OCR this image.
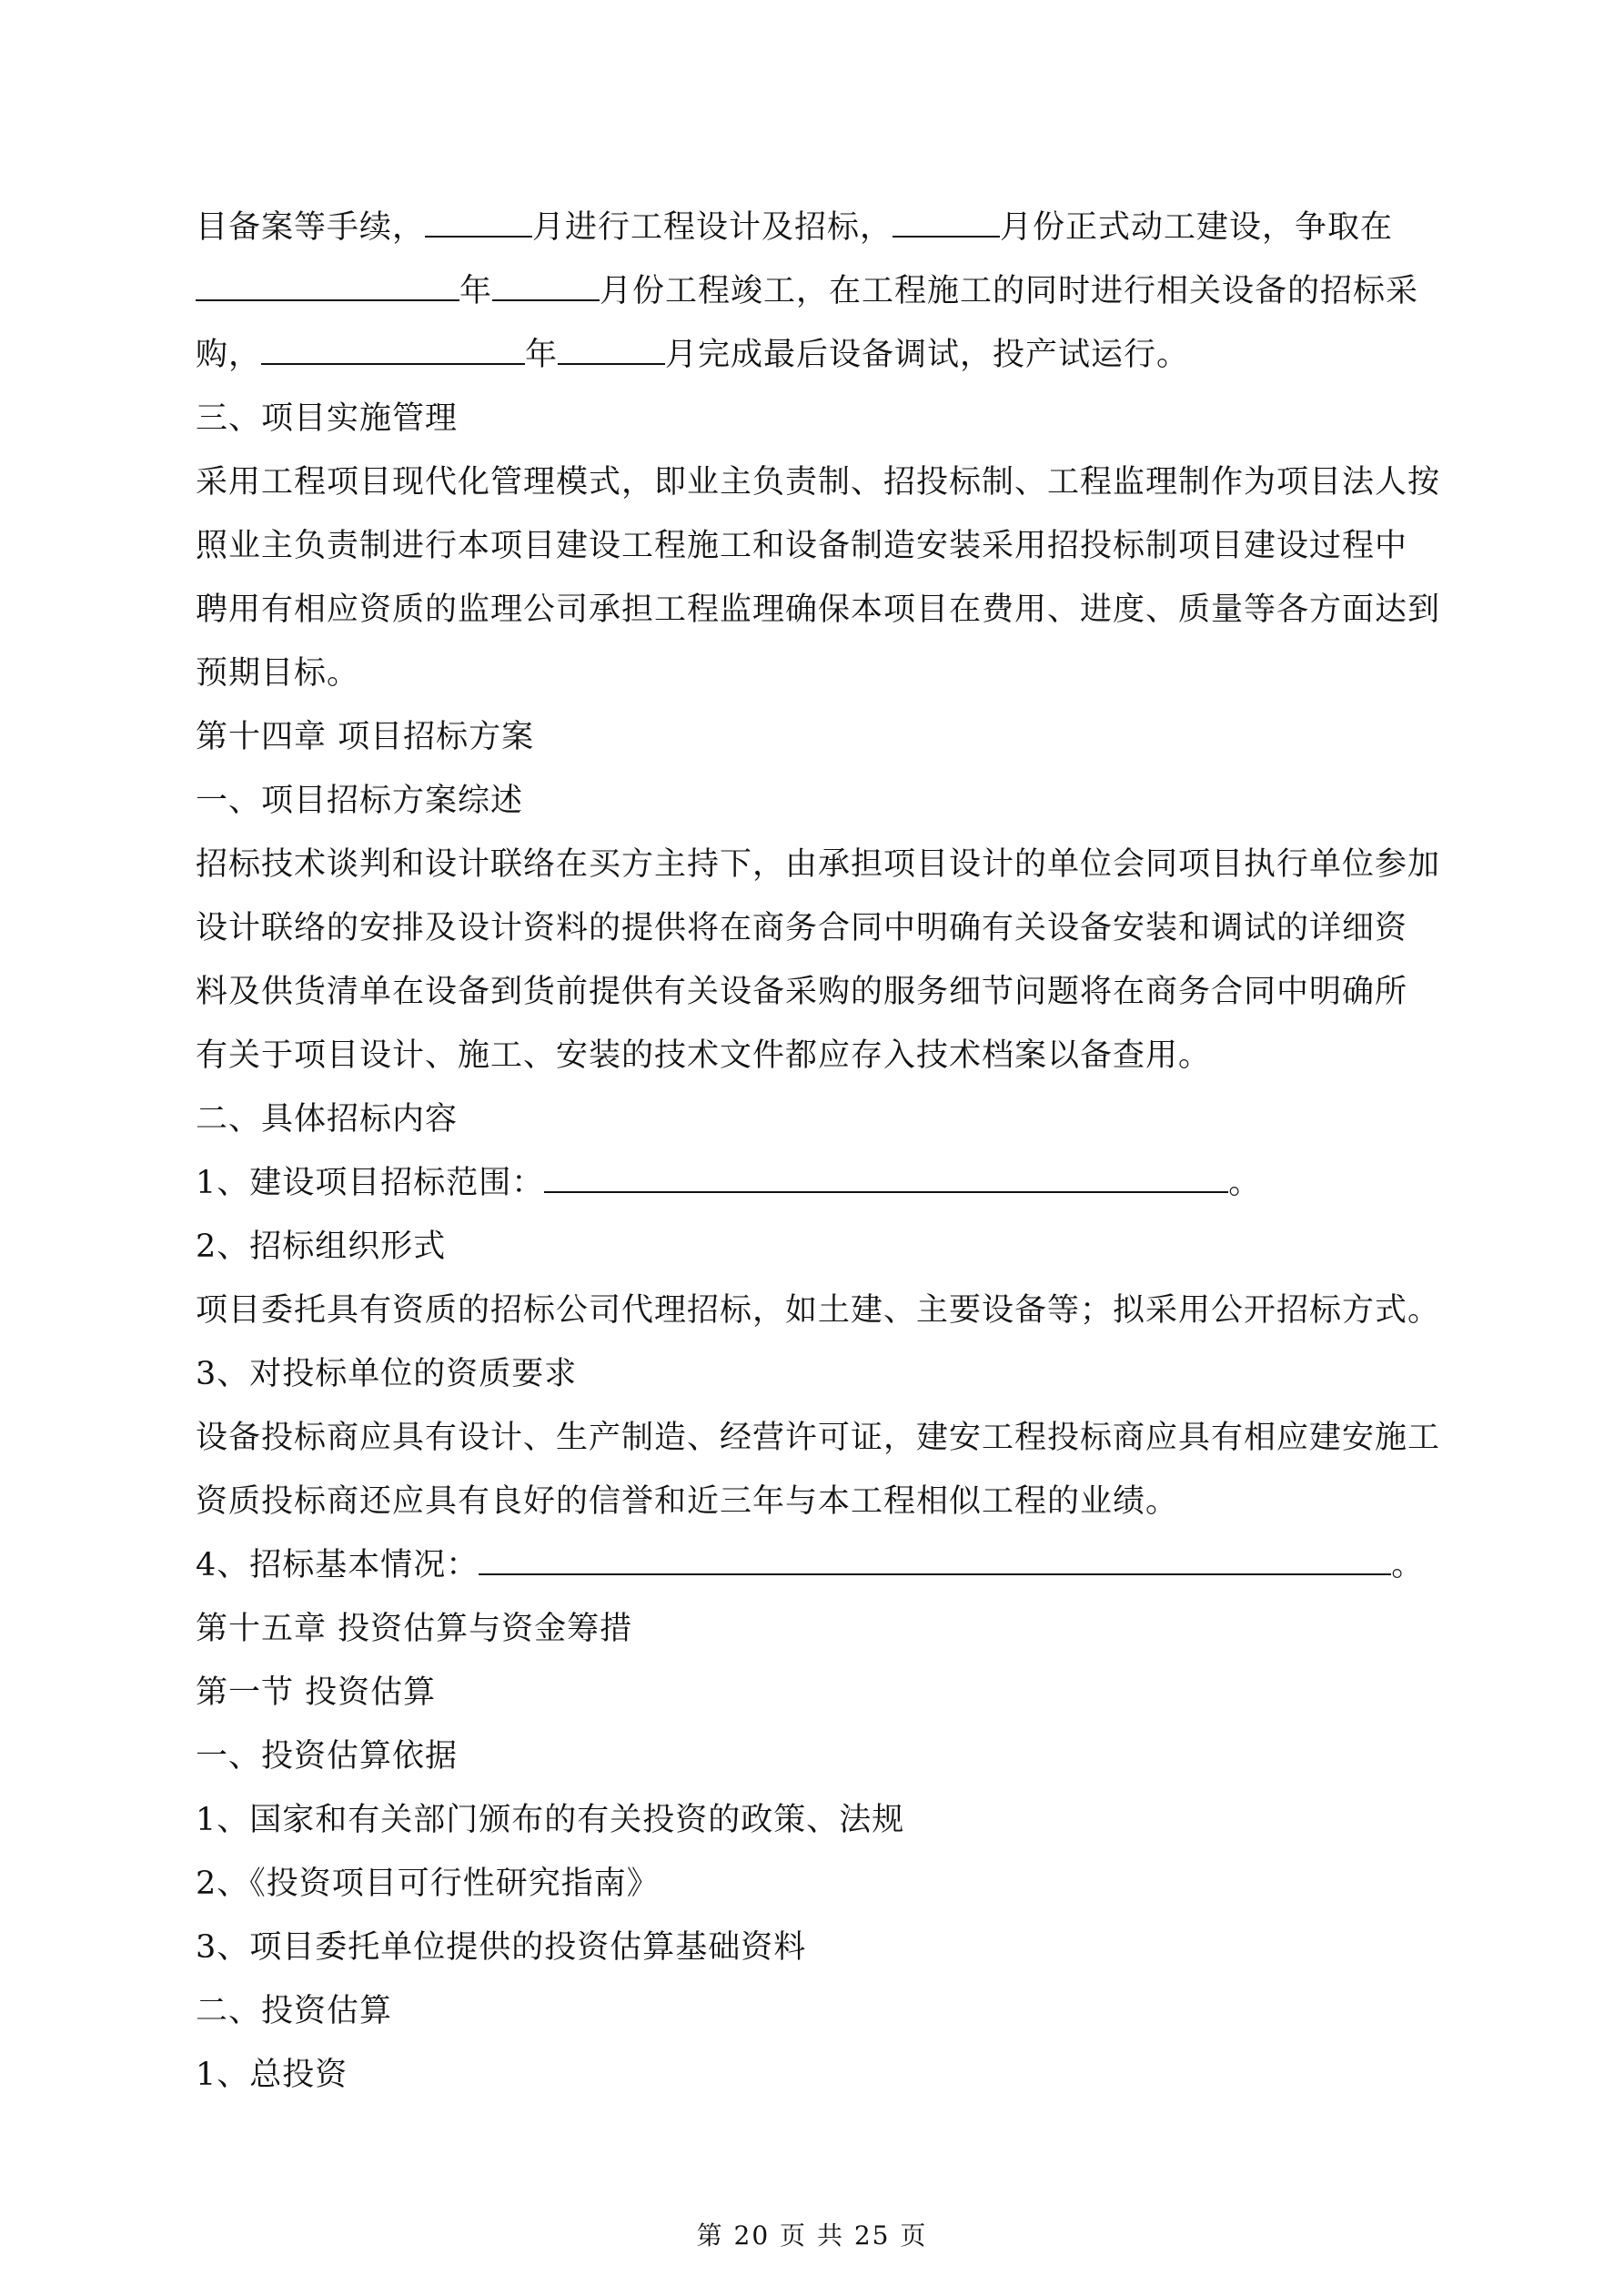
目备案等手续，	月进行工程设计及招标，	月份正式动工建设，争取在
年	月份工程竣工，在工程施工的同时进行相关设备的招标采
购，	年	月完成最后设备调试，投产试运行。
三、项目实施管理
采用工程项目现代化管理模式，即业主负责制、招投标制、工程监理制作为项目法人按
照业主负责制进行本项目建设工程施工和设备制造安装采用招投标制项目建设过程中
聘用有相应资质的监理公司承担工程监理确保本项目在费用、进度、质量等各方面达到
预期目标。
第十四章 项目招标方案
一、项目招标方案综述
招标技术谈判和设计联络在买方主持下，由承担项目设计的单位会同项目执行单位参加
设计联络的安排及设计资料的提供将在商务合同中明确有关设备安装和调试的详细资
料及供货清单在设备到货前提供有关设备采购的服务细节问题将在商务合同中明确所
有关于项目设计、施工、安装的技术文件都应存入技术档案以备查用。
二、具体招标内容
1、建设项目招标范围：	。
2、招标组织形式
项目委托具有资质的招标公司代理招标，如土建、主要设备等；拟采用公开招标方式。
3、对投标单位的资质要求
设备投标商应具有设计、生产制造、经营许可证，建安工程投标商应具有相应建安施工
资质投标商还应具有良好的信誉和近三年与本工程相似工程的业绩。
4、招标基本情况：	。
第十五章 投资估算与资金筹措
第一节 投资估算
一、投资估算依据
1、国家和有关部门颁布的有关投资的政策、法规
2、《投资项目可行性研究指南》
3、项目委托单位提供的投资估算基础资料
二、投资估算
1、总投资
第 20 页 共 25 页
